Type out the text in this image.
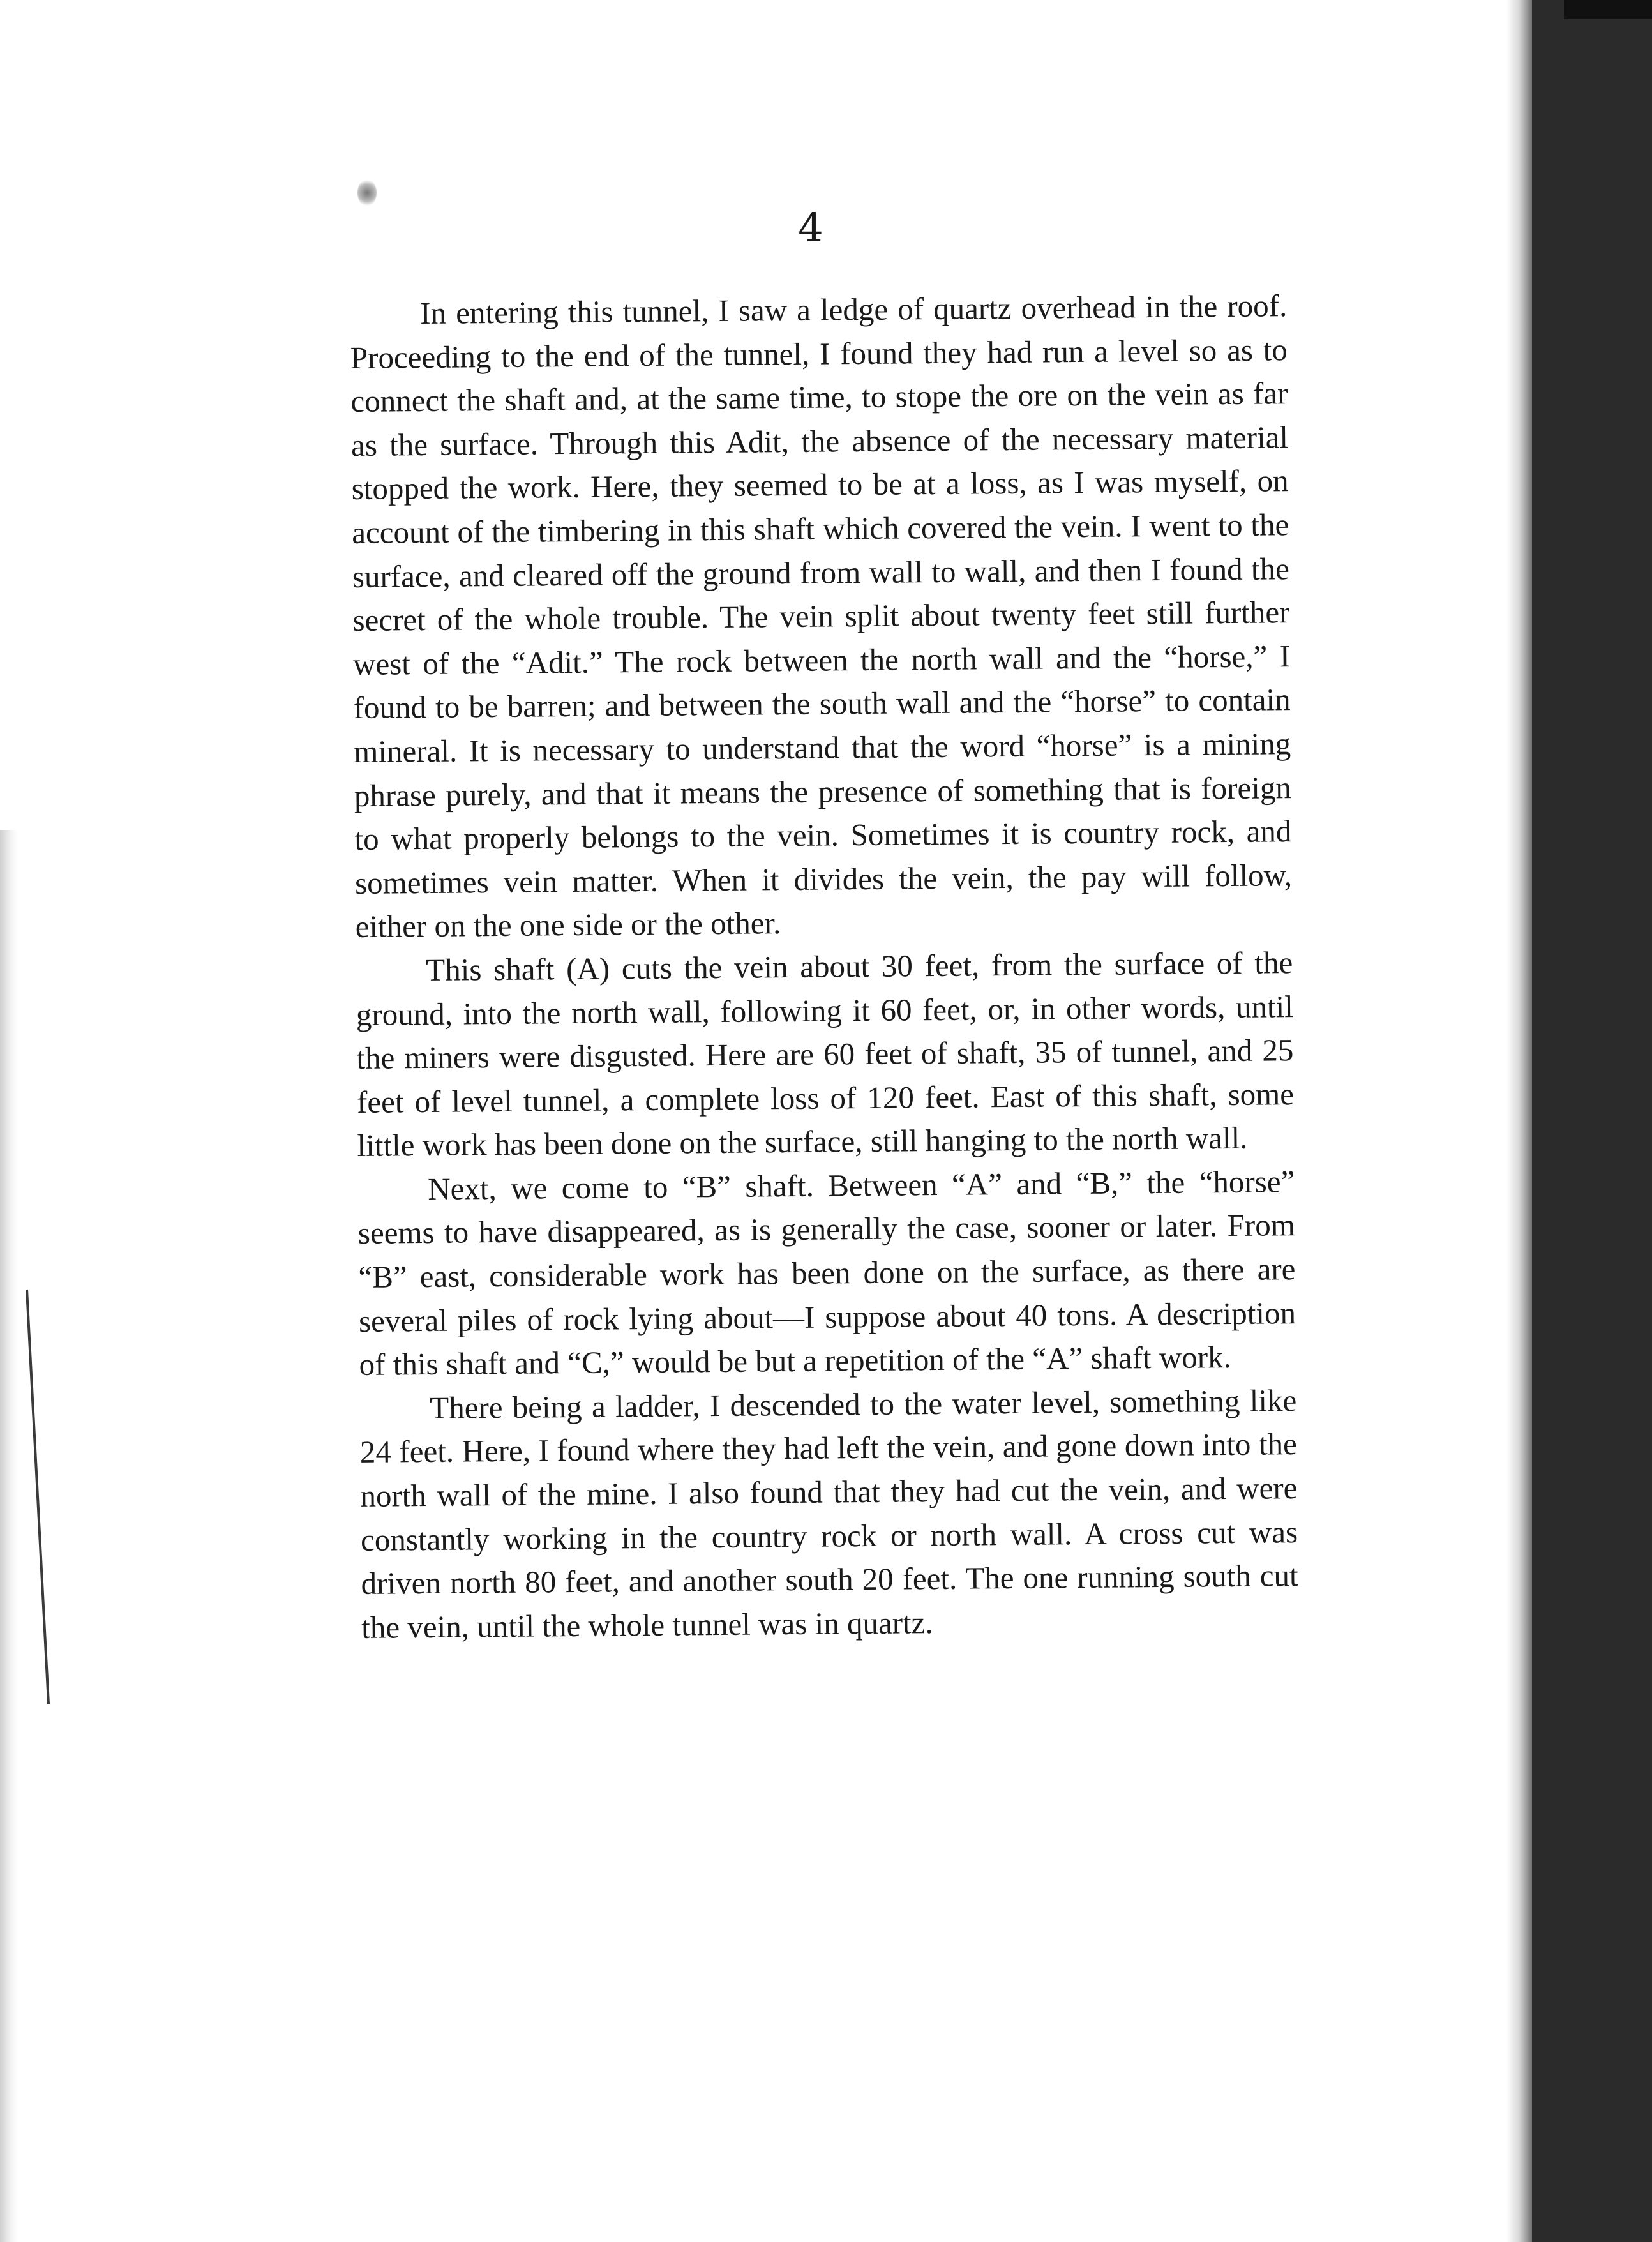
4

In entering this tunnel, I saw a ledge of quartz overhead in the roof. Proceeding to the end of the tunnel, I found they had run a level so as to connect the shaft and, at the same time, to stope the ore on the vein as far as the surface. Through this Adit, the absence of the necessary material stopped the work. Here, they seemed to be at a loss, as I was myself, on account of the timbering in this shaft which covered the vein. I went to the surface, and cleared off the ground from wall to wall, and then I found the secret of the whole trouble. The vein split about twenty feet still further west of the “Adit.” The rock between the north wall and the “horse,” I found to be barren; and between the south wall and the “horse” to contain mineral. It is necessary to understand that the word “horse” is a mining phrase purely, and that it means the presence of something that is foreign to what properly belongs to the vein. Sometimes it is country rock, and sometimes vein matter. When it divides the vein, the pay will follow, either on the one side or the other.

This shaft (A) cuts the vein about 30 feet, from the surface of the ground, into the north wall, following it 60 feet, or, in other words, until the miners were disgusted. Here are 60 feet of shaft, 35 of tunnel, and 25 feet of level tunnel, a complete loss of 120 feet. East of this shaft, some little work has been done on the surface, still hanging to the north wall.

Next, we come to “B” shaft. Between “A” and “B,” the “horse” seems to have disappeared, as is generally the case, sooner or later. From “B” east, considerable work has been done on the surface, as there are several piles of rock lying about—I suppose about 40 tons. A description of this shaft and “C,” would be but a repetition of the “A” shaft work.

There being a ladder, I descended to the water level, something like 24 feet. Here, I found where they had left the vein, and gone down into the north wall of the mine. I also found that they had cut the vein, and were constantly working in the country rock or north wall. A cross cut was driven north 80 feet, and another south 20 feet. The one running south cut the vein, until the whole tunnel was in quartz.
